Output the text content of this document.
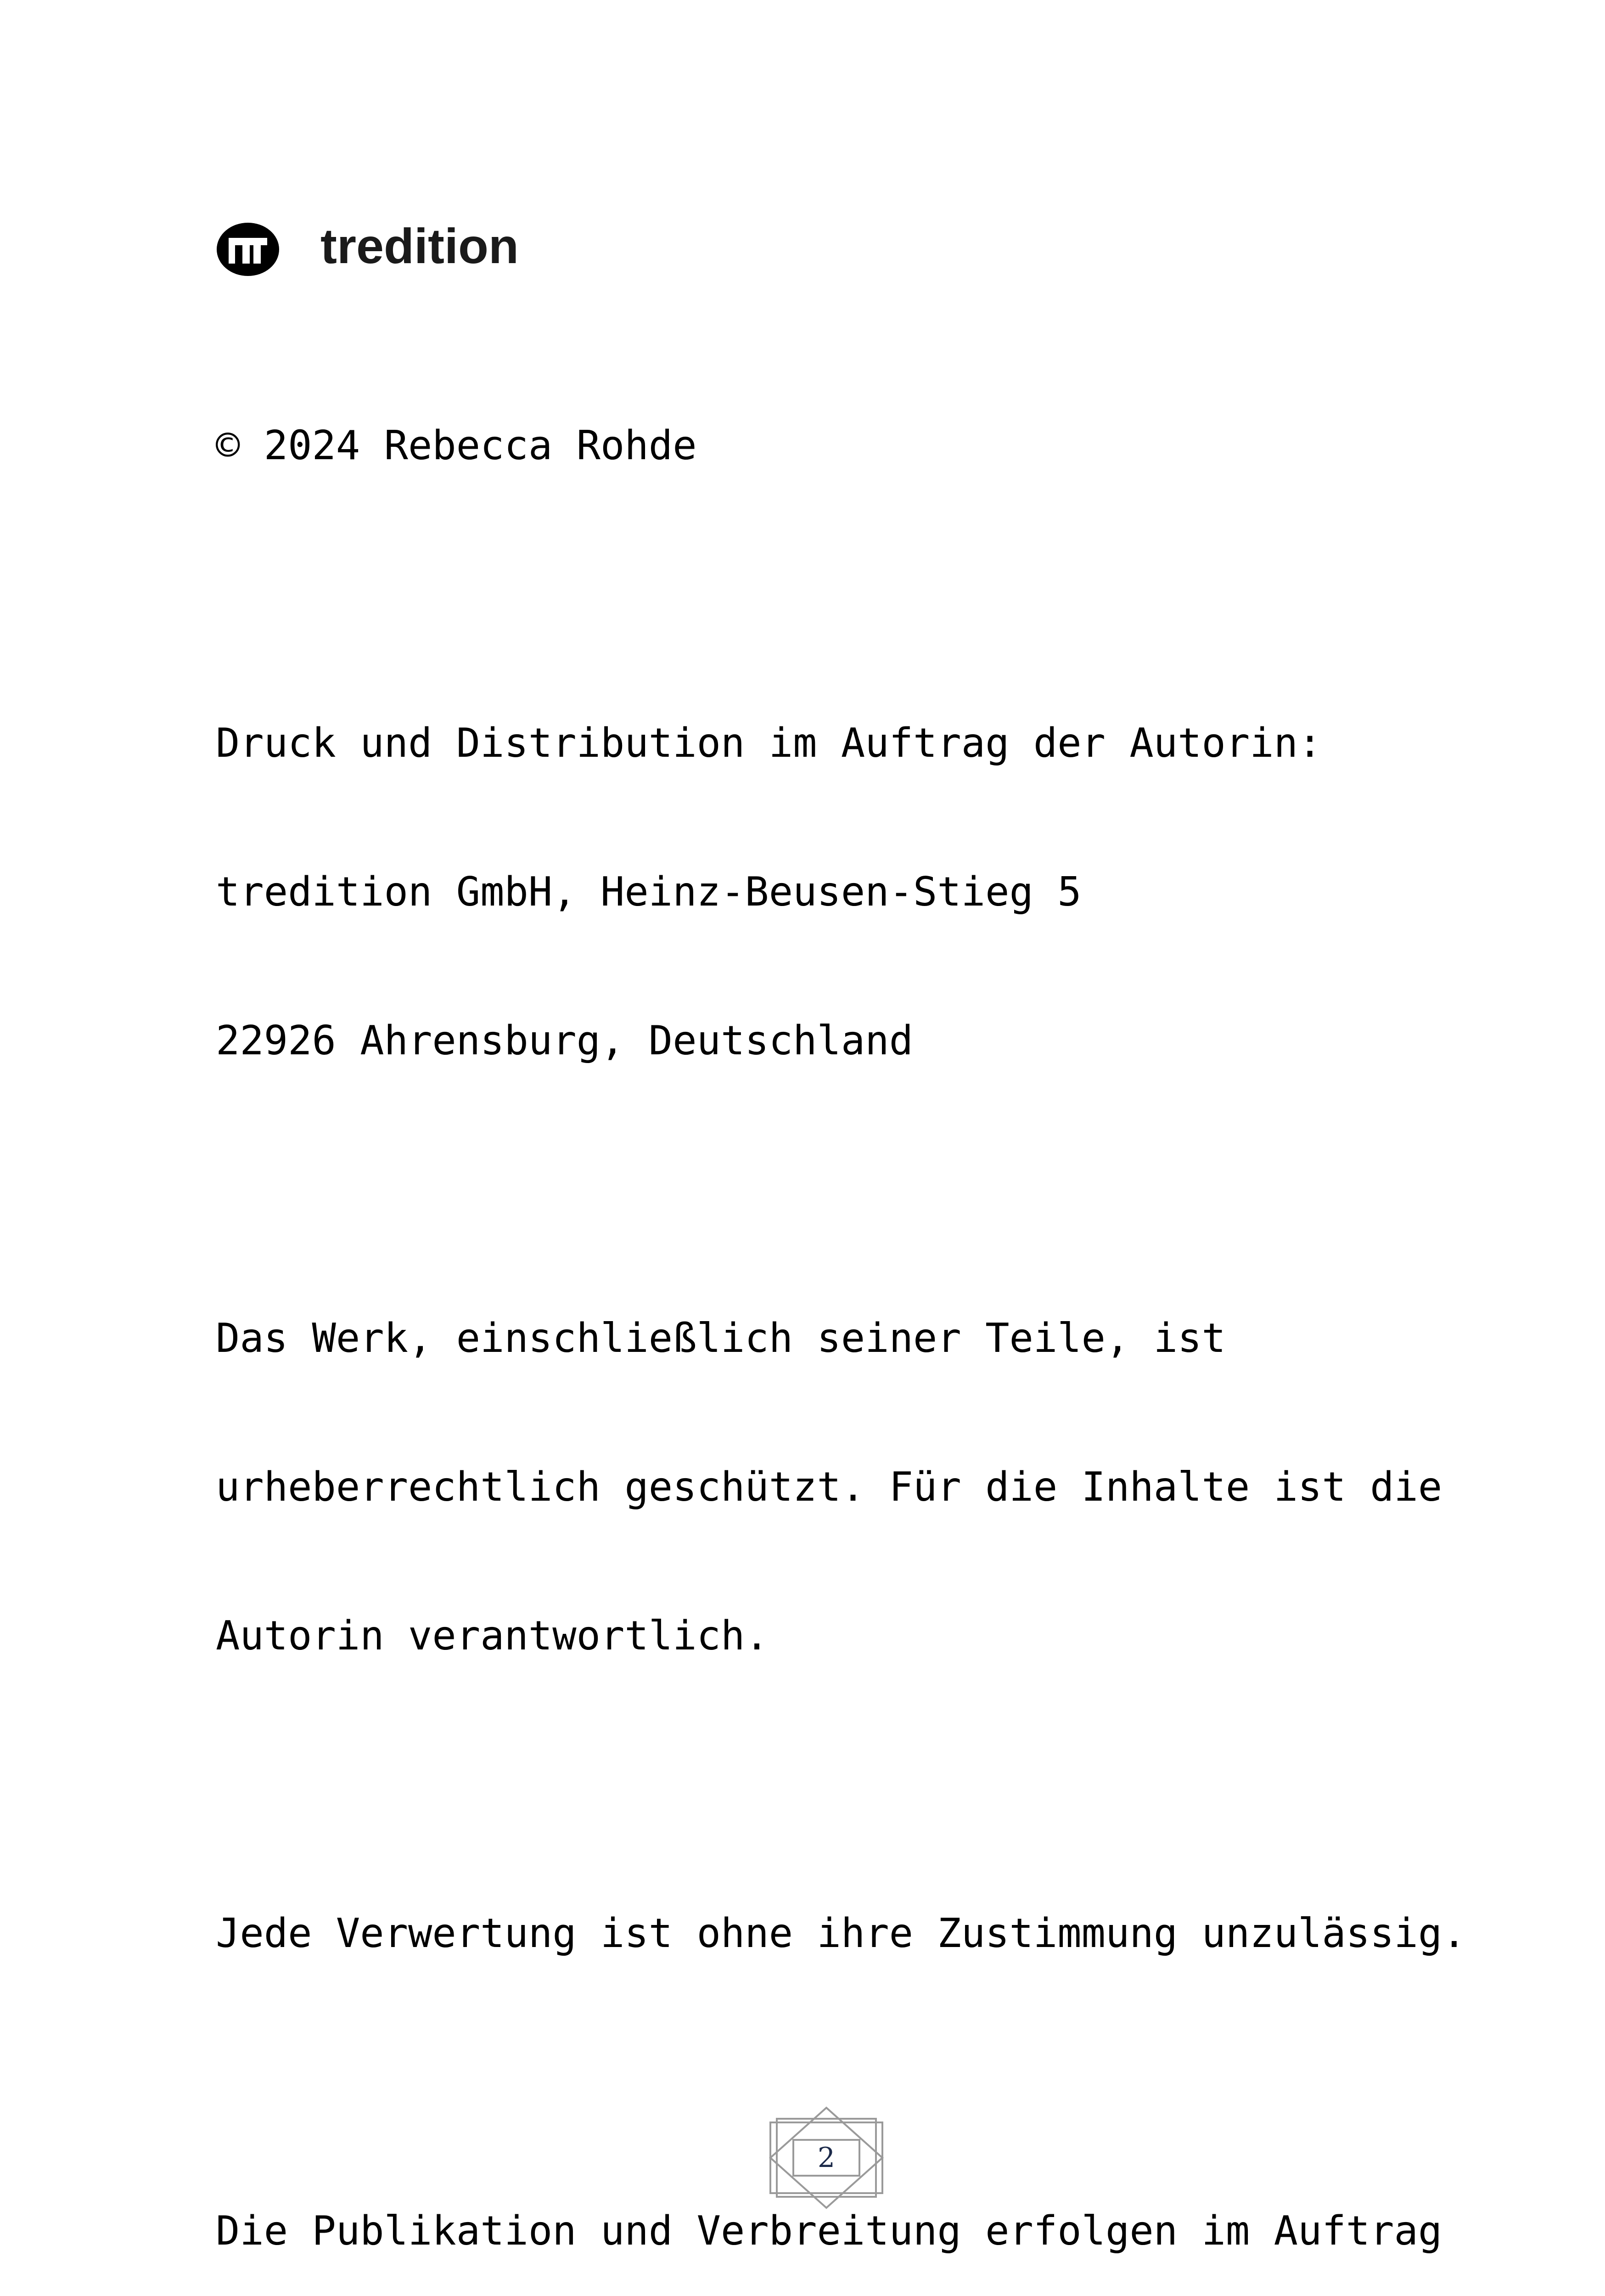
tredition

© 2024 Rebecca Rohde

Druck und Distribution im Auftrag der Autorin:

tredition GmbH, Heinz-Beusen-Stieg 5

22926 Ahrensburg, Deutschland

Das Werk, einschließlich seiner Teile, ist

urheberrechtlich geschützt. Für die Inhalte ist die

Autorin verantwortlich.

Jede Verwertung ist ohne ihre Zustimmung unzulässig.

Die Publikation und Verbreitung erfolgen im Auftrag

2
